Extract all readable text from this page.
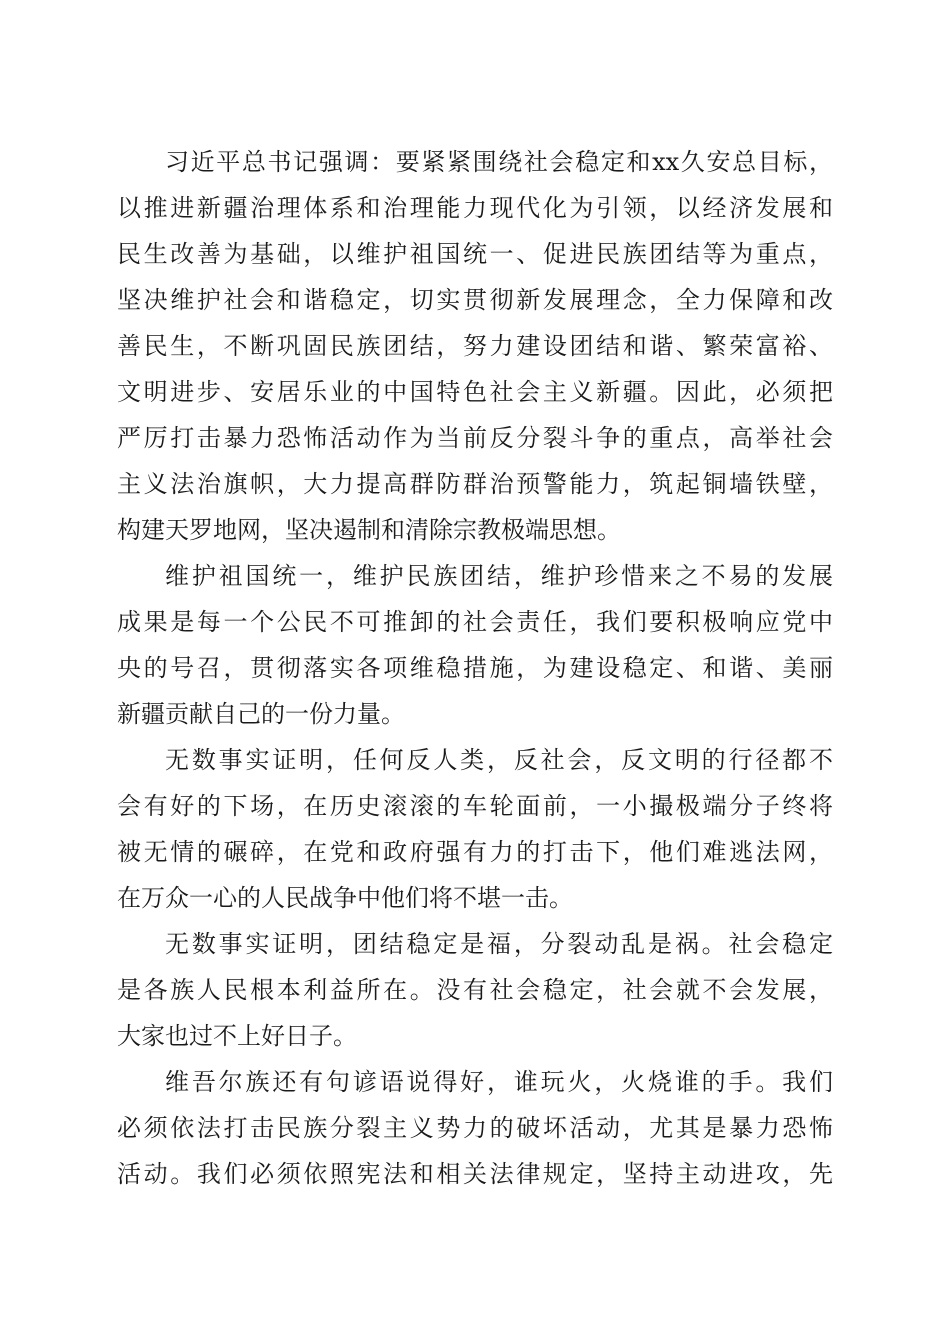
习近平总书记强调：要紧紧围绕社会稳定和xx久安总目标，
以推进新疆治理体系和治理能力现代化为引领，以经济发展和
民生改善为基础，以维护祖国统一、促进民族团结等为重点，
坚决维护社会和谐稳定，切实贯彻新发展理念，全力保障和改
善民生，不断巩固民族团结，努力建设团结和谐、繁荣富裕、
文明进步、安居乐业的中国特色社会主义新疆。因此，必须把
严厉打击暴力恐怖活动作为当前反分裂斗争的重点，高举社会
主义法治旗帜，大力提高群防群治预警能力，筑起铜墙铁壁，
构建天罗地网，坚决遏制和清除宗教极端思想。
维护祖国统一，维护民族团结，维护珍惜来之不易的发展
成果是每一个公民不可推卸的社会责任，我们要积极响应党中
央的号召，贯彻落实各项维稳措施，为建设稳定、和谐、美丽
新疆贡献自己的一份力量。
无数事实证明，任何反人类，反社会，反文明的行径都不
会有好的下场，在历史滚滚的车轮面前，一小撮极端分子终将
被无情的碾碎，在党和政府强有力的打击下，他们难逃法网，
在万众一心的人民战争中他们将不堪一击。
无数事实证明，团结稳定是福，分裂动乱是祸。社会稳定
是各族人民根本利益所在。没有社会稳定，社会就不会发展，
大家也过不上好日子。
维吾尔族还有句谚语说得好，谁玩火，火烧谁的手。我们
必须依法打击民族分裂主义势力的破坏活动，尤其是暴力恐怖
活动。我们必须依照宪法和相关法律规定，坚持主动进攻，先
